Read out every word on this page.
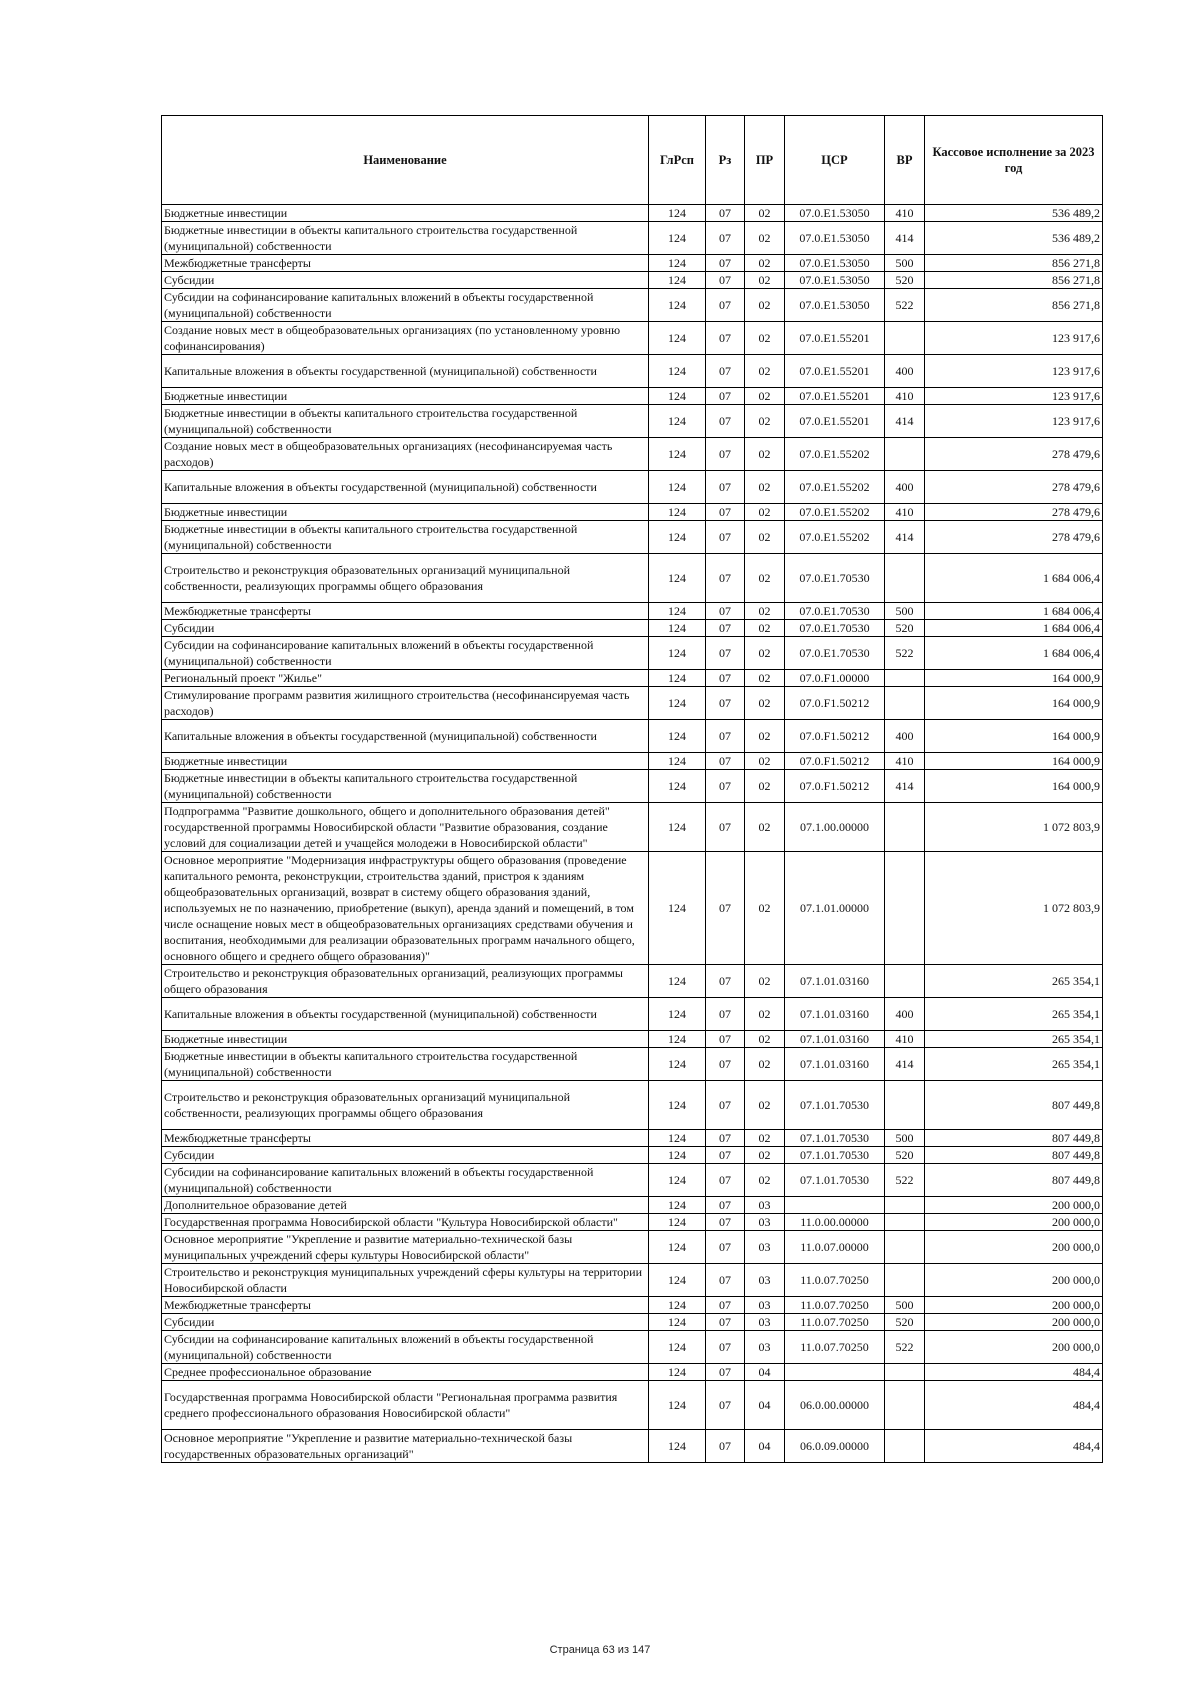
Наименование	ГлРсп	Рз	ПР	ЦСР	ВР	Кассовое исполнение за 2023 год
Бюджетные инвестиции	124	07	02	07.0.E1.53050	410	536 489,2
Бюджетные инвестиции в объекты капитального строительства государственной (муниципальной) собственности	124	07	02	07.0.E1.53050	414	536 489,2
Межбюджетные трансферты	124	07	02	07.0.E1.53050	500	856 271,8
Субсидии	124	07	02	07.0.E1.53050	520	856 271,8
Субсидии на софинансирование капитальных вложений в объекты государственной (муниципальной) собственности	124	07	02	07.0.E1.53050	522	856 271,8
Создание новых мест в общеобразовательных организациях (по установленному уровню софинансирования)	124	07	02	07.0.E1.55201		123 917,6
Капитальные вложения в объекты государственной (муниципальной) собственности	124	07	02	07.0.E1.55201	400	123 917,6
Бюджетные инвестиции	124	07	02	07.0.E1.55201	410	123 917,6
Бюджетные инвестиции в объекты капитального строительства государственной (муниципальной) собственности	124	07	02	07.0.E1.55201	414	123 917,6
Создание новых мест в общеобразовательных организациях (несофинансируемая часть расходов)	124	07	02	07.0.E1.55202		278 479,6
Капитальные вложения в объекты государственной (муниципальной) собственности	124	07	02	07.0.E1.55202	400	278 479,6
Бюджетные инвестиции	124	07	02	07.0.E1.55202	410	278 479,6
Бюджетные инвестиции в объекты капитального строительства государственной (муниципальной) собственности	124	07	02	07.0.E1.55202	414	278 479,6
Строительство и реконструкция образовательных организаций муниципальной собственности, реализующих программы общего образования	124	07	02	07.0.E1.70530		1 684 006,4
Межбюджетные трансферты	124	07	02	07.0.E1.70530	500	1 684 006,4
Субсидии	124	07	02	07.0.E1.70530	520	1 684 006,4
Субсидии на софинансирование капитальных вложений в объекты государственной (муниципальной) собственности	124	07	02	07.0.E1.70530	522	1 684 006,4
Региональный проект "Жилье"	124	07	02	07.0.F1.00000		164 000,9
Стимулирование программ развития жилищного строительства (несофинансируемая часть расходов)	124	07	02	07.0.F1.50212		164 000,9
Капитальные вложения в объекты государственной (муниципальной) собственности	124	07	02	07.0.F1.50212	400	164 000,9
Бюджетные инвестиции	124	07	02	07.0.F1.50212	410	164 000,9
Бюджетные инвестиции в объекты капитального строительства государственной (муниципальной) собственности	124	07	02	07.0.F1.50212	414	164 000,9
Подпрограмма "Развитие дошкольного, общего и дополнительного образования детей" государственной программы Новосибирской области "Развитие образования, создание условий для социализации детей и учащейся молодежи в Новосибирской области"	124	07	02	07.1.00.00000		1 072 803,9
Основное мероприятие "Модернизация инфраструктуры общего образования (проведение капитального ремонта, реконструкции, строительства зданий, пристроя к зданиям общеобразовательных организаций, возврат в систему общего образования зданий, используемых не по назначению, приобретение (выкуп), аренда зданий и помещений, в том числе оснащение новых мест в общеобразовательных организациях средствами обучения и воспитания, необходимыми для реализации образовательных программ начального общего, основного общего и среднего общего образования)"	124	07	02	07.1.01.00000		1 072 803,9
Строительство и реконструкция образовательных организаций, реализующих программы общего образования	124	07	02	07.1.01.03160		265 354,1
Капитальные вложения в объекты государственной (муниципальной) собственности	124	07	02	07.1.01.03160	400	265 354,1
Бюджетные инвестиции	124	07	02	07.1.01.03160	410	265 354,1
Бюджетные инвестиции в объекты капитального строительства государственной (муниципальной) собственности	124	07	02	07.1.01.03160	414	265 354,1
Строительство и реконструкция образовательных организаций муниципальной собственности, реализующих программы общего образования	124	07	02	07.1.01.70530		807 449,8
Межбюджетные трансферты	124	07	02	07.1.01.70530	500	807 449,8
Субсидии	124	07	02	07.1.01.70530	520	807 449,8
Субсидии на софинансирование капитальных вложений в объекты государственной (муниципальной) собственности	124	07	02	07.1.01.70530	522	807 449,8
Дополнительное образование детей	124	07	03			200 000,0
Государственная программа Новосибирской области "Культура Новосибирской области"	124	07	03	11.0.00.00000		200 000,0
Основное мероприятие "Укрепление и развитие материально-технической базы муниципальных учреждений сферы культуры Новосибирской области"	124	07	03	11.0.07.00000		200 000,0
Строительство и реконструкция муниципальных учреждений сферы культуры на территории Новосибирской области	124	07	03	11.0.07.70250		200 000,0
Межбюджетные трансферты	124	07	03	11.0.07.70250	500	200 000,0
Субсидии	124	07	03	11.0.07.70250	520	200 000,0
Субсидии на софинансирование капитальных вложений в объекты государственной (муниципальной) собственности	124	07	03	11.0.07.70250	522	200 000,0
Среднее профессиональное образование	124	07	04			484,4
Государственная программа Новосибирской области "Региональная программа развития среднего профессионального образования Новосибирской области"	124	07	04	06.0.00.00000		484,4
Основное мероприятие "Укрепление и развитие материально-технической базы государственных образовательных организаций"	124	07	04	06.0.09.00000		484,4
Страница 63 из 147
